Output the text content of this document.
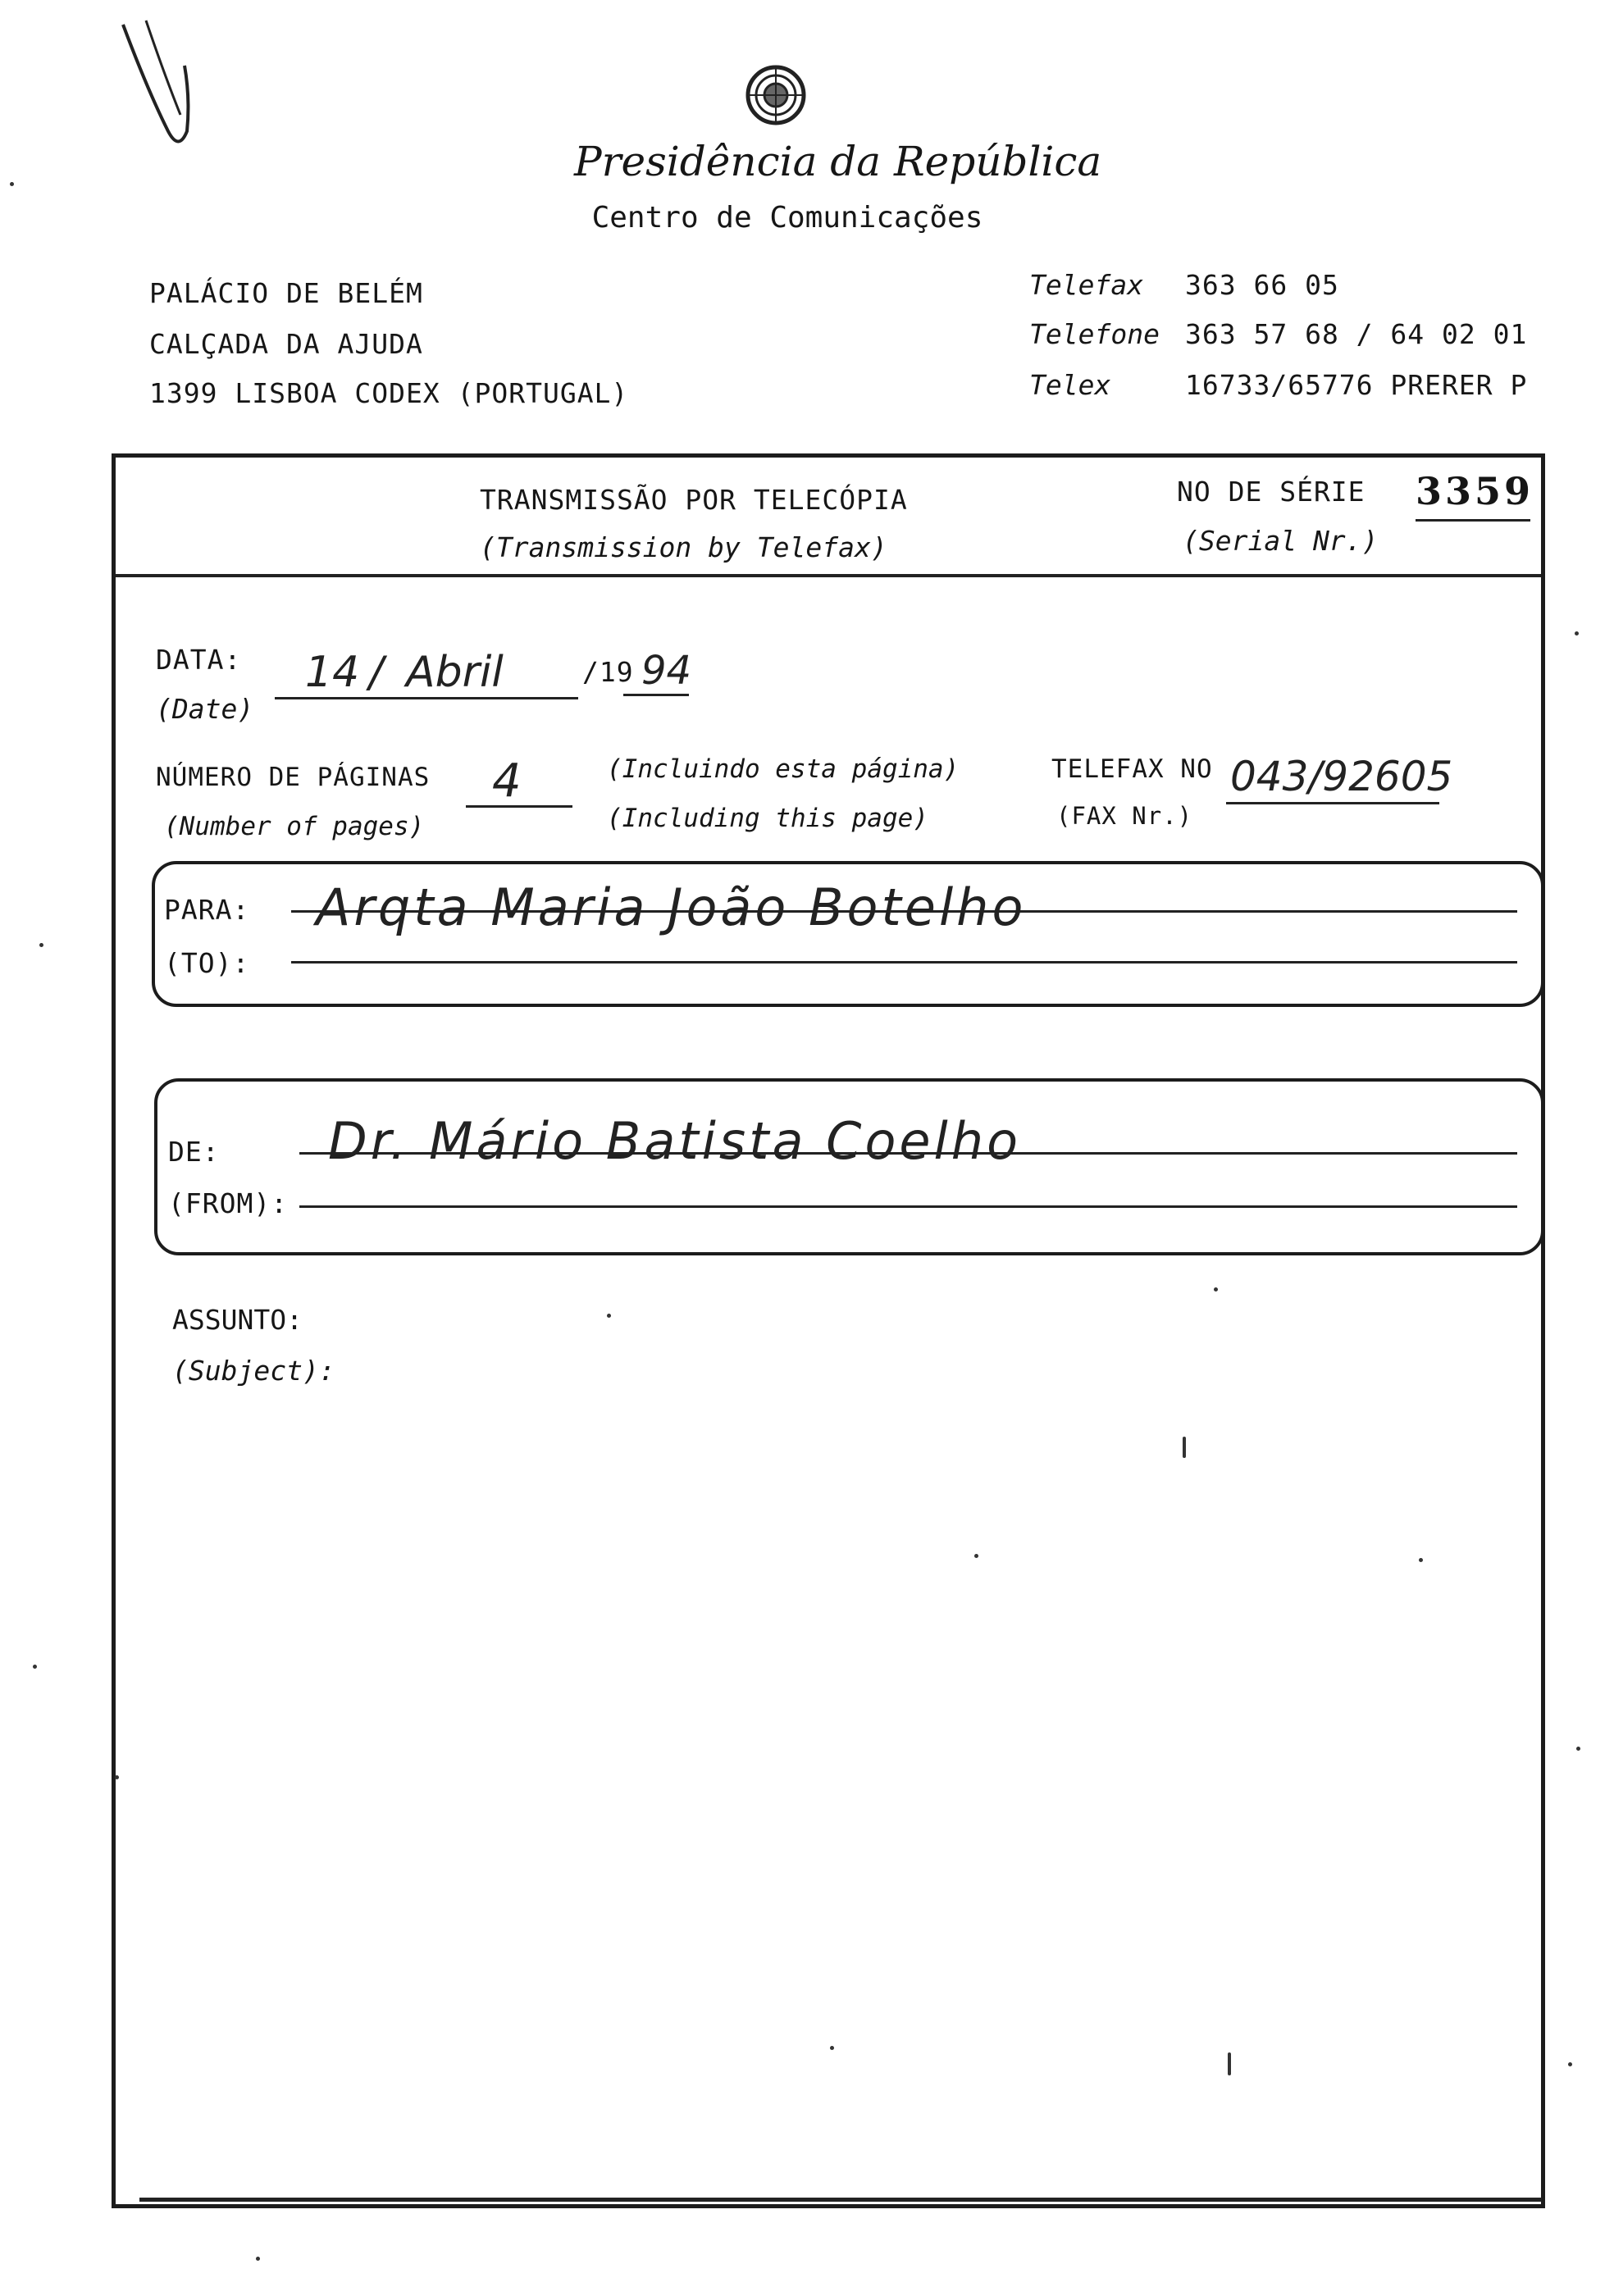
Presidência da República
Centro de Comunicações
PALÁCIO DE BELÉM
CALÇADA DA AJUDA
1399 LISBOA CODEX (PORTUGAL)
Telefax 363 66 05
Telefone 363 57 68 / 64 02 01
Telex	16733/65776 PRERER P
TRANSMISSÃO POR TELECÓPIA
(Transmission by Telefax)
NO DE SÉRIE
(Serial Nr.)
3359
DATA:
(Date)
14 / Abril	/19 94
NÚMERO DE PÁGINAS
(Number of pages)
4	(Incluindo esta página)
(Including this page)
TELEFAX NO
(FAX Nr.)
043/92605
PARA:
(TO):
Arqta Maria João Botelho
DE:
(FROM):
Dr. Mário Batista Coelho
ASSUNTO:
(Subject):
